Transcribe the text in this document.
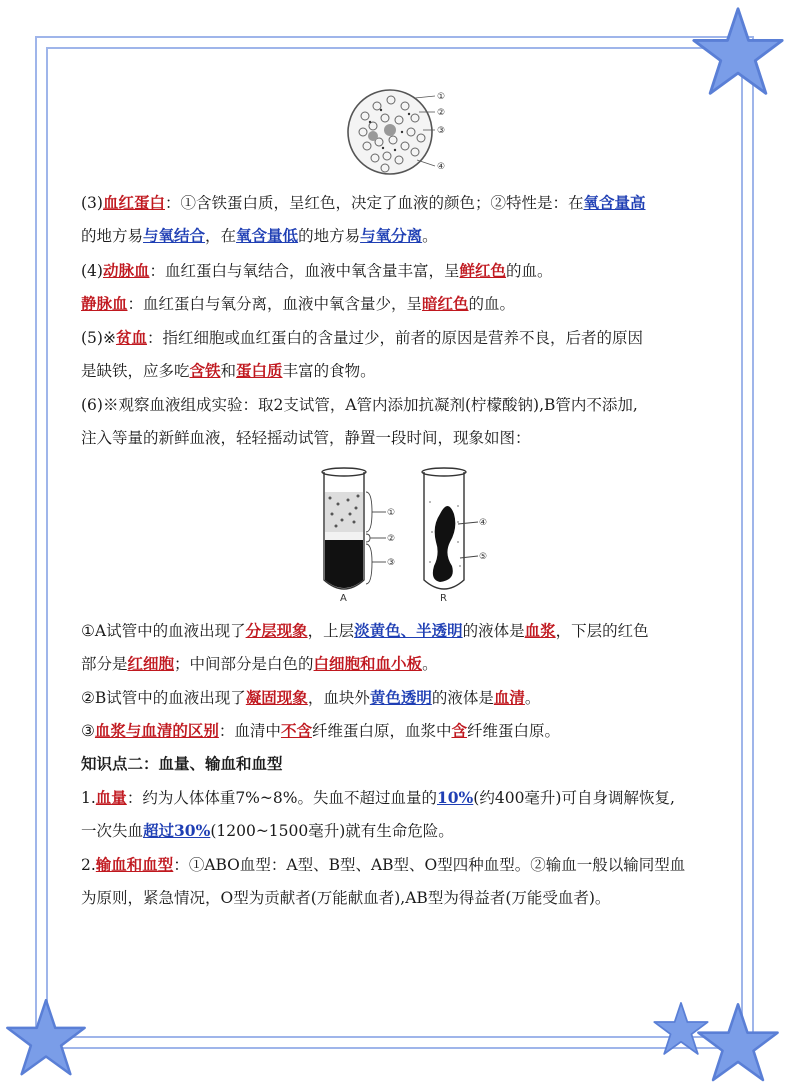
①
②
③
④
A
①
②
③
R
④
⑤
(3)血红蛋白：①含铁蛋白质，呈红色，决定了血液的颜色；②特性是：在氧含量高
的地方易与氧结合，在氧含量低的地方易与氧分离。
(4)动脉血：血红蛋白与氧结合，血液中氧含量丰富，呈鲜红色的血。
静脉血：血红蛋白与氧分离，血液中氧含量少，呈暗红色的血。
(5)※贫血：指红细胞或血红蛋白的含量过少，前者的原因是营养不良，后者的原因
是缺铁，应多吃含铁和蛋白质丰富的食物。
(6)※观察血液组成实验：取2支试管，A管内添加抗凝剂(柠檬酸钠),B管内不添加,
注入等量的新鲜血液，轻轻摇动试管，静置一段时间，现象如图：
①A试管中的血液出现了分层现象，上层淡黄色、半透明的液体是血浆，下层的红色
部分是红细胞；中间部分是白色的白细胞和血小板。
②B试管中的血液出现了凝固现象，血块外黄色透明的液体是血清。
③血浆与血清的区别：血清中不含纤维蛋白原，血浆中含纤维蛋白原。
知识点二：血量、输血和血型
1.血量：约为人体体重7%~8%。失血不超过血量的10%(约400毫升)可自身调解恢复,
一次失血超过30%(1200~1500毫升)就有生命危险。
2.输血和血型：①ABO血型：A型、B型、AB型、O型四种血型。②输血一般以输同型血
为原则，紧急情况，O型为贡献者(万能献血者),AB型为得益者(万能受血者)。
